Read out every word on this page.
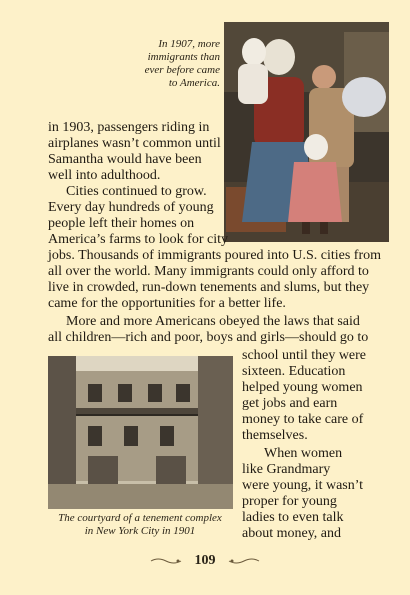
In 1907, more
immigrants than
ever before came
to America.
in 1903, passengers riding in
airplanes wasn’t common until
Samantha would have been
well into adulthood.
Cities continued to grow.
Every day hundreds of young
people left their homes on
America’s farms to look for city
jobs. Thousands of immigrants poured into U.S. cities from
all over the world. Many immigrants could only afford to
live in crowded, run-down tenements and slums, but they
came for the opportunities for a better life.
More and more Americans obeyed the laws that said
all children—rich and poor, boys and girls—should go to
school until they were
sixteen. Education
helped young women
get jobs and earn
money to take care of
themselves.
When women
like Grandmary
were young, it wasn’t
proper for young
ladies to even talk
about money, and
The courtyard of a tenement complex
in New York City in 1901
109
